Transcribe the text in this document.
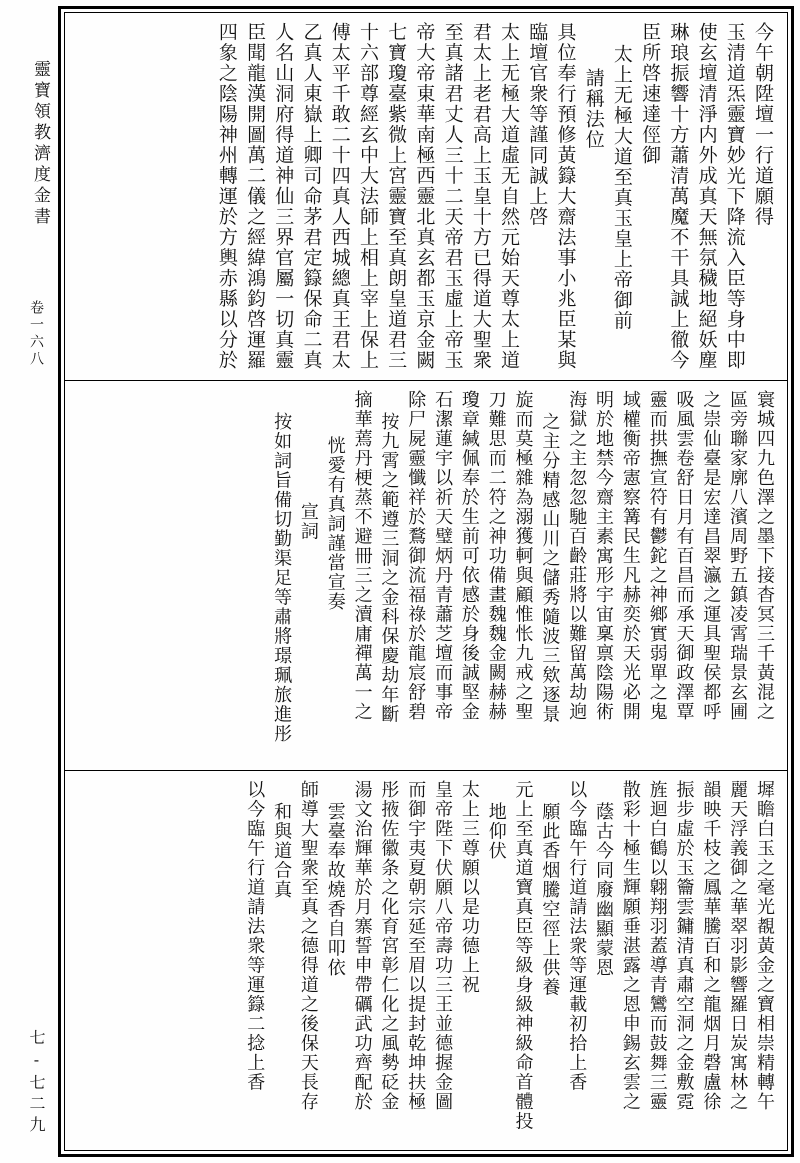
靈寶領教濟度金書
卷一六八
七-七二九
今午朝陞壇一行道願得
玉清道炁靈寶妙光下降流入臣等身中即
使玄壇清淨内外成真天無氛穢地絕妖塵
琳琅振響十方蕭清萬魔不干具誠上徹今
臣所啓速達俓御
太上无極大道至真玉皇上帝御前
請稱法位
具位奉行預修黃籙大齋法事小兆臣某與
臨壇官衆等謹同誠上啓
太上无極大道虛无自然元始天尊太上道
君太上老君高上玉皇十方已得道大聖衆
至真諸君丈人三十二天帝君玉虛上帝玉
帝大帝東華南極西靈北真玄都玉京金闕
七寶瓊臺紫微上宮靈寶至真朗皇道君三
十六部尊經玄中大法師上相上宰上保上
傅太平千敢二十四真人西城總真王君太
乙真人東嶽上卿司命茅君定籙保命二真
人名山洞府得道神仙三界官屬一切真靈
臣聞龍漢開圖萬二儀之經緯鴻鈞啓運羅
四象之陰陽神州轉運於方輿赤縣以分於
寰城四九色澤之墨下接杳冥三千黃混之
區旁聯家廓八濱周野五鎮凌霄瑞景玄圃
之崇仙臺是宏達昌翠瀛之運具聖侯都呼
吸風雲卷舒日月有百昌而承天御政澤覃
靈而拱撫宣符有鬱鉈之神鄉實弱單之鬼
域權衡帝憲察篝民生凡赫奕於天光必開
明於地禁今齋主素寓形宇宙稟禀陰陽術
海獄之主忽忽馳百齡莊將以難留萬劫逈
之主分精感山川之儲秀隨波三欸逐景
旋而莫極雜為溺獲軻與顧惟怅九戒之聖
刀難思而二符之神功備畫魏魏金闕赫赫
瓊章緘佩奉於生前可依感於身後誠堅金
石潔蓮宇以祈天璧炳丹青蕭芝壇而事帝
除尸屍靈懺祥於鶩御流福祿於龍宸舒碧
按九霄之範遵三洞之金科保慶劫年斷
摘華蔫丹梗蒸不避冊三之瀆庸禪萬一之
恍愛有真詞謹當宣奏
宣詞
按如詞旨備切勤渠足等肅將璟珮旅進彤
墀瞻白玉之毫光覩黃金之寶相崇精轉午
麗天浮義御之華翠羽影響羅日炭寓林之
韻映千枝之鳳華騰百和之龍烟月磬盧徐
振步虛於玉籥雲鏞清真肅空洞之金敷霓
旌迴白鶴以翺翔羽蓋導青鸞而鼓舞三靈
散彩十極生輝願垂湛露之恩申錫玄雲之
蔭古今同廢幽顯蒙恩
以今臨午行道請法衆等運載初拾上香
願此香烟騰空徑上供養
元上至真道寶真臣等級身級神級命首體投
地仰伏
太上三尊願以是功德上祝
皇帝陛下伏願八帝壽功三王並德握金圖
而御宇夷夏朝宗延至眉以提封乾坤扶極
彤掖佐徽条之化育宮彰仁化之風勢砭金
湯文治輝華於月寨誓申帶礪武功齊配於
雲臺奉故燒香自叩依
師導大聖衆至真之德得道之後保天長存
和與道合真
以今臨午行道請法衆等運籙二捻上香
